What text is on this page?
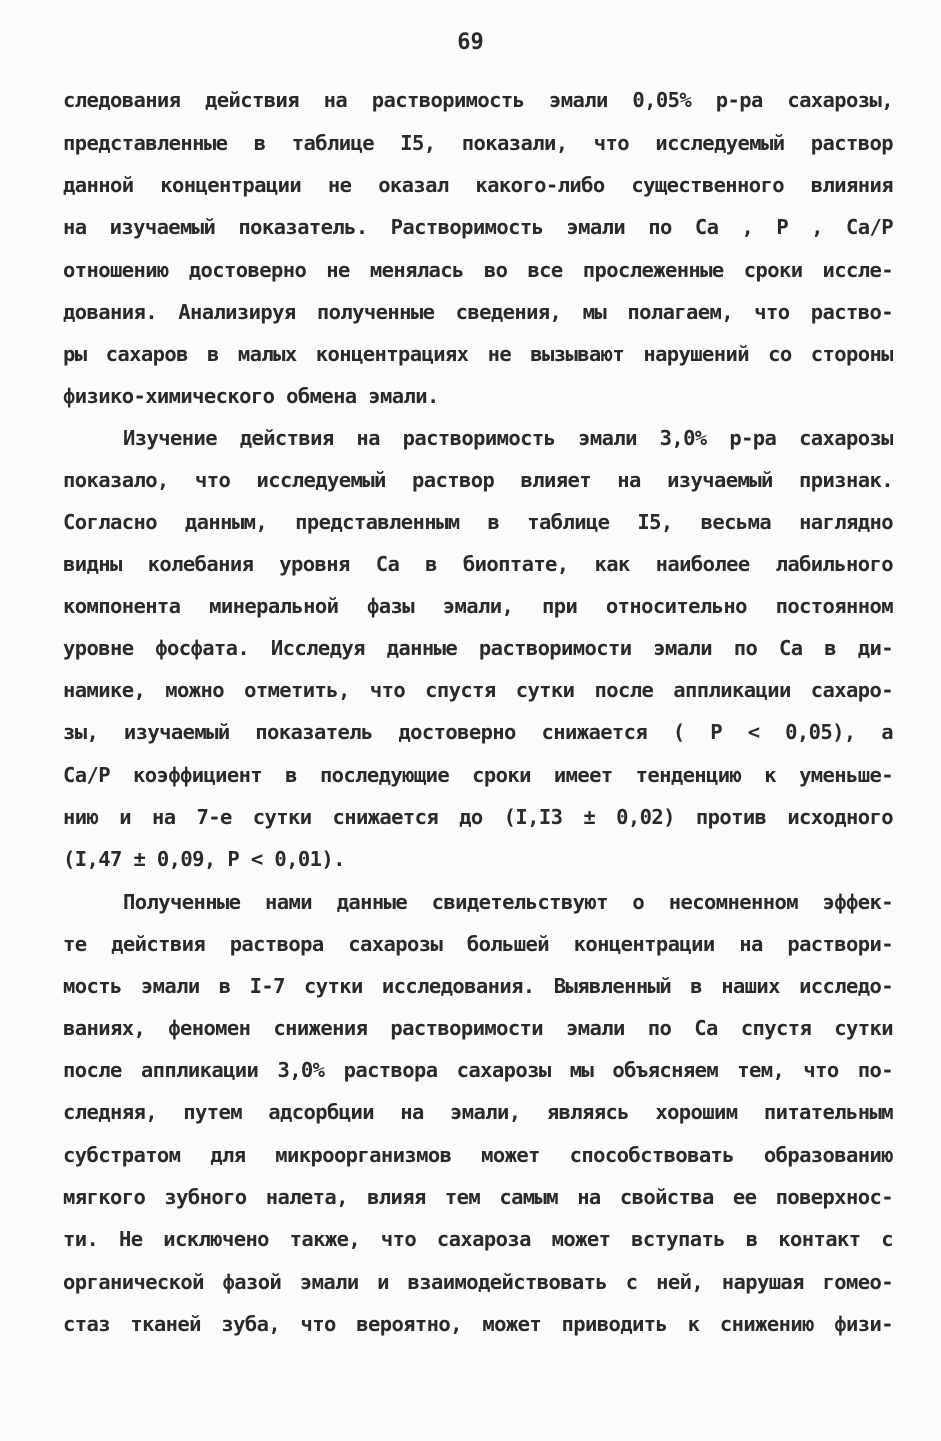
69
следования действия на растворимость эмали 0,05% р-ра сахарозы,
представленные в таблице I5, показали, что исследуемый раствор
данной концентрации не оказал какого-либо существенного влияния
на изучаемый показатель. Растворимость эмали по Ca , P , Ca/P
отношению достоверно не менялась во все прослеженные сроки иссле-
дования. Анализируя полученные сведения, мы полагаем, что раство-
ры сахаров в малых концентрациях не вызывают нарушений со стороны
физико-химического обмена эмали.
Изучение действия на растворимость эмали 3,0% р-ра сахарозы
показало, что исследуемый раствор влияет на изучаемый признак.
Согласно данным, представленным в таблице I5, весьма наглядно
видны колебания уровня Ca в биоптате, как наиболее лабильного
компонента минеральной фазы эмали, при относительно постоянном
уровне фосфата. Исследуя данные растворимости эмали по Ca в ди-
намике, можно отметить, что спустя сутки после аппликации сахаро-
зы, изучаемый показатель достоверно снижается ( P < 0,05), а
Ca/P коэффициент в последующие сроки имеет тенденцию к уменьше-
нию и на 7-е сутки снижается до (I,I3 ± 0,02) против исходного
(I,47 ± 0,09, P < 0,01).
Полученные нами данные свидетельствуют о несомненном эффек-
те действия раствора сахарозы большей концентрации на раствори-
мость эмали в I-7 сутки исследования. Выявленный в наших исследо-
ваниях, феномен снижения растворимости эмали по Ca спустя сутки
после аппликации 3,0% раствора сахарозы мы объясняем тем, что по-
следняя, путем адсорбции на эмали, являясь хорошим питательным
субстратом для микроорганизмов может способствовать образованию
мягкого зубного налета, влияя тем самым на свойства ее поверхнос-
ти. Не исключено также, что сахароза может вступать в контакт с
органической фазой эмали и взаимодействовать с ней, нарушая гомео-
стаз тканей зуба, что вероятно, может приводить к снижению физи-
